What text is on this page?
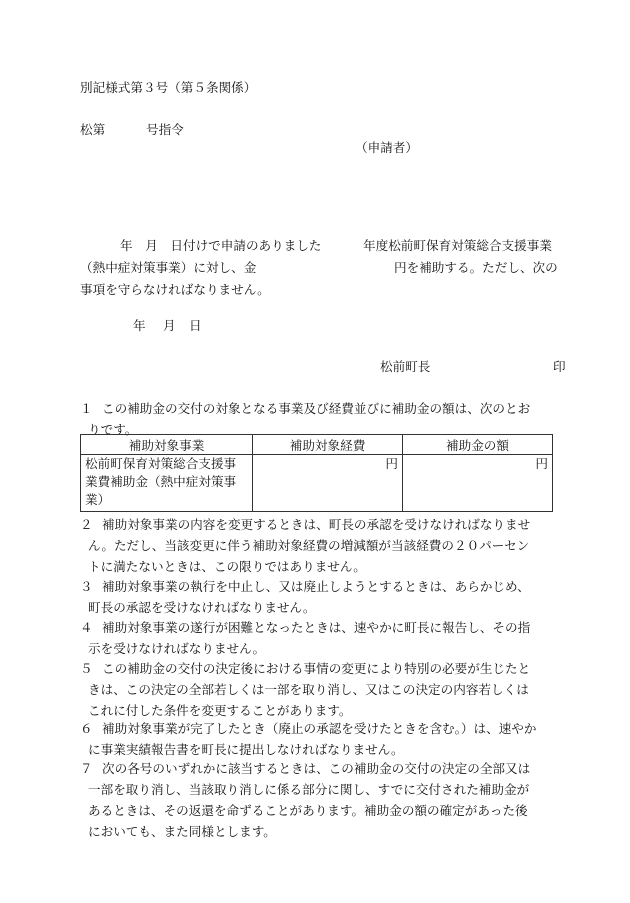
別記様式第３号（第５条関係）
松第	号指令
（申請者）
年　月　日付けで申請のありました	年度松前町保育対策総合支援事業
（熱中症対策事業）に対し、金	円を補助する。ただし、次の
事項を守らなければなりません。
年 月 日
松前町長	印
１ この補助金の交付の対象となる事業及び経費並びに補助金の額は、次のとお
りです。
補助対象事業	補助対象経費	補助金の額

松前町保育対策総合支援事
業費補助金（熱中症対策事
業）	円	円
２ 補助対象事業の内容を変更するときは、町長の承認を受けなければなりませ
ん。ただし、当該変更に伴う補助対象経費の増減額が当該経費の２０パーセン
トに満たないときは、この限りではありません。
３ 補助対象事業の執行を中止し、又は廃止しようとするときは、あらかじめ、
町長の承認を受けなければなりません。
４ 補助対象事業の遂行が困難となったときは、速やかに町長に報告し、その指
示を受けなければなりません。
５ この補助金の交付の決定後における事情の変更により特別の必要が生じたと
きは、この決定の全部若しくは一部を取り消し、又はこの決定の内容若しくは
これに付した条件を変更することがあります。
６ 補助対象事業が完了したとき（廃止の承認を受けたときを含む。）は、速やか
に事業実績報告書を町長に提出しなければなりません。
７ 次の各号のいずれかに該当するときは、この補助金の交付の決定の全部又は
一部を取り消し、当該取り消しに係る部分に関し、すでに交付された補助金が
あるときは、その返還を命ずることがあります。補助金の額の確定があった後
においても、また同様とします。
